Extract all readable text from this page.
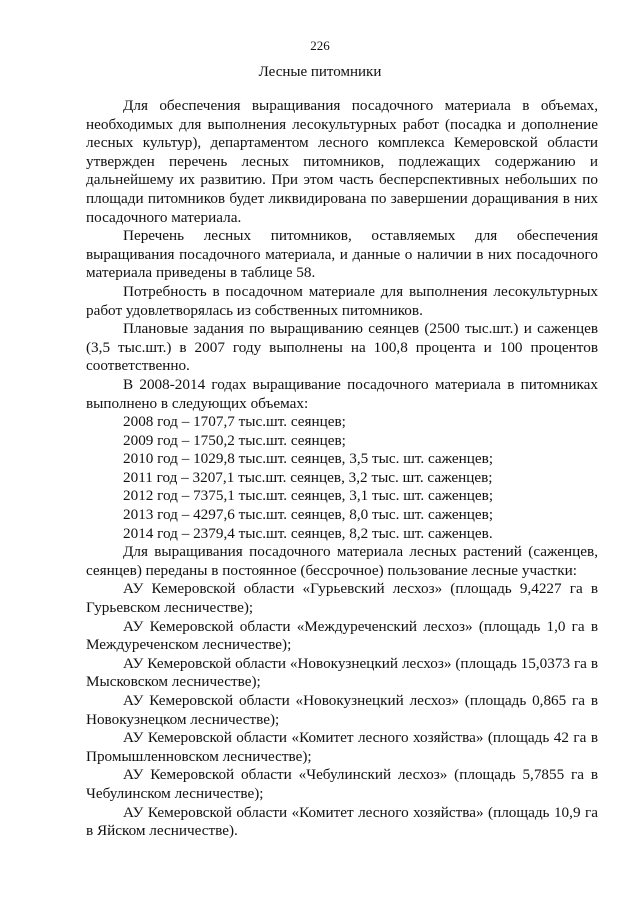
226
Лесные питомники

Для обеспечения выращивания посадочного материала в объемах, необходимых для выполнения лесокультурных работ (посадка и дополнение лесных культур), департаментом лесного комплекса Кемеровской области утвержден перечень лесных питомников, подлежащих содержанию и дальнейшему их развитию. При этом часть бесперспективных небольших по площади питомников будет ликвидирована по завершении доращивания в них посадочного материала.

Перечень лесных питомников, оставляемых для обеспечения выращивания посадочного материала, и данные о наличии в них посадочного материала приведены в таблице 58.

Потребность в посадочном материале для выполнения лесокультурных работ удовлетворялась из собственных питомников.

Плановые задания по выращиванию сеянцев (2500 тыс.шт.) и саженцев (3,5 тыс.шт.) в 2007 году выполнены на 100,8 процента и 100 процентов соответственно.

В 2008-2014 годах выращивание посадочного материала в питомниках выполнено в следующих объемах:

2008 год – 1707,7 тыс.шт. сеянцев;

2009 год – 1750,2 тыс.шт. сеянцев;

2010 год – 1029,8 тыс.шт. сеянцев, 3,5 тыс. шт. саженцев;

2011 год – 3207,1 тыс.шт. сеянцев, 3,2 тыс. шт. саженцев;

2012 год – 7375,1 тыс.шт. сеянцев, 3,1 тыс. шт. саженцев;

2013 год – 4297,6 тыс.шт. сеянцев, 8,0 тыс. шт. саженцев;

2014 год – 2379,4 тыс.шт. сеянцев, 8,2 тыс. шт. саженцев.

Для выращивания посадочного материала лесных растений (саженцев, сеянцев) переданы в постоянное (бессрочное) пользование лесные участки:

АУ Кемеровской области «Гурьевский лесхоз» (площадь 9,4227 га в Гурьевском лесничестве);

АУ Кемеровской области «Междуреченский лесхоз» (площадь 1,0 га в Междуреченском лесничестве);

АУ Кемеровской области «Новокузнецкий лесхоз» (площадь 15,0373 га в Мысковском лесничестве);

АУ Кемеровской области «Новокузнецкий лесхоз» (площадь 0,865 га в Новокузнецком лесничестве);

АУ Кемеровской области «Комитет лесного хозяйства» (площадь 42 га в Промышленновском лесничестве);

АУ Кемеровской области «Чебулинский лесхоз» (площадь 5,7855 га в Чебулинском лесничестве);

АУ Кемеровской области «Комитет лесного хозяйства» (площадь 10,9 га в Яйском лесничестве).
